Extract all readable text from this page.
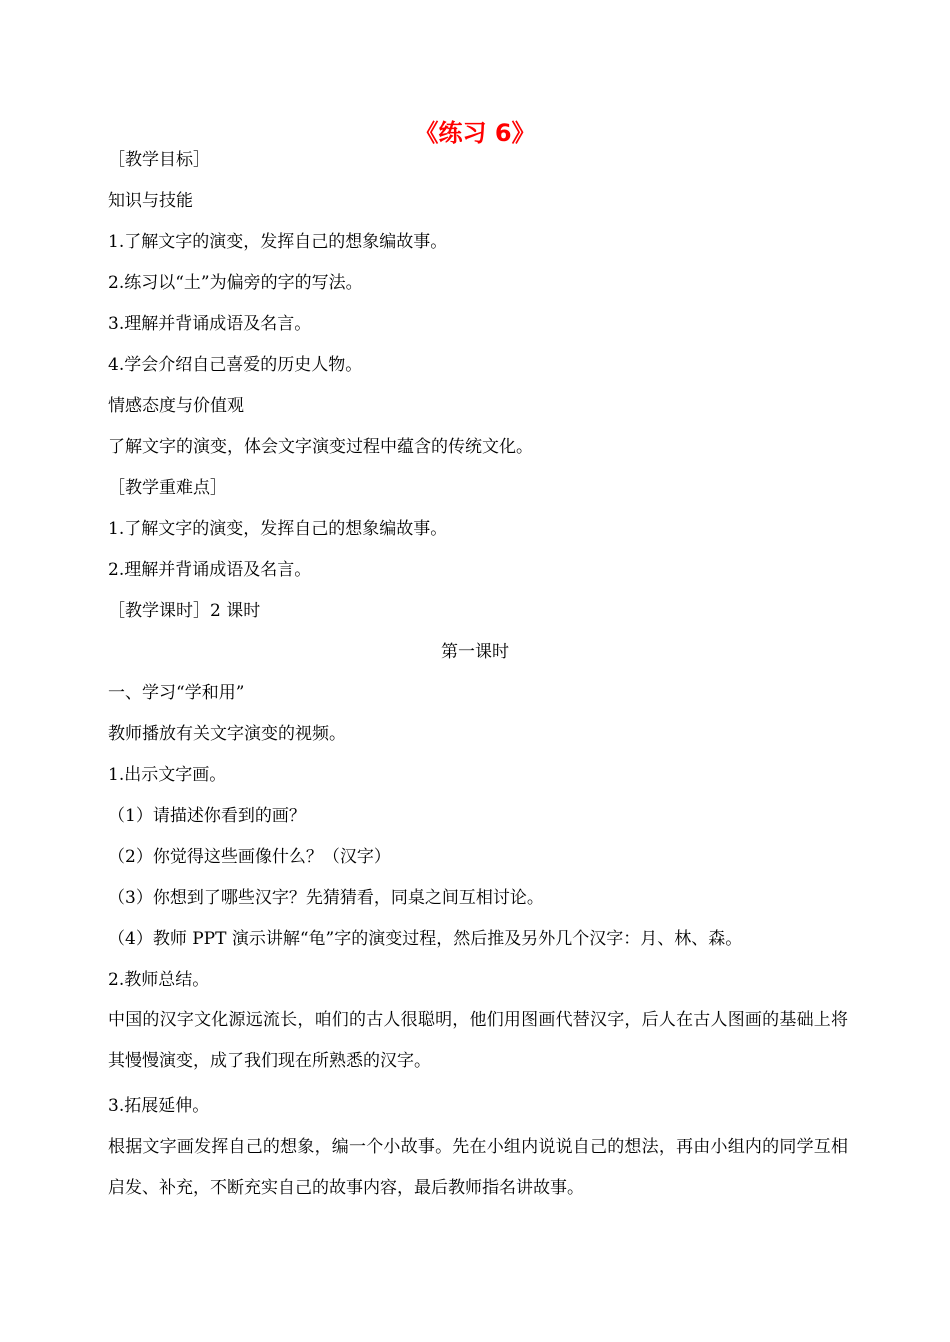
《练习 6》
［教学目标］
知识与技能
1.了解文字的演变，发挥自己的想象编故事。
2.练习以“土”为偏旁的字的写法。
3.理解并背诵成语及名言。
4.学会介绍自己喜爱的历史人物。
情感态度与价值观
了解文字的演变，体会文字演变过程中蕴含的传统文化。
［教学重难点］
1.了解文字的演变，发挥自己的想象编故事。
2.理解并背诵成语及名言。
［教学课时］2 课时
第一课时
一、学习“学和用”
教师播放有关文字演变的视频。
1.出示文字画。
（1）请描述你看到的画？
（2）你觉得这些画像什么？（汉字）
（3）你想到了哪些汉字？先猜猜看，同桌之间互相讨论。
（4）教师 PPT 演示讲解“龟”字的演变过程，然后推及另外几个汉字：月、林、森。
2.教师总结。
中国的汉字文化源远流长，咱们的古人很聪明，他们用图画代替汉字，后人在古人图画的基础上将其慢慢演变，成了我们现在所熟悉的汉字。
3.拓展延伸。
根据文字画发挥自己的想象，编一个小故事。先在小组内说说自己的想法，再由小组内的同学互相启发、补充，不断充实自己的故事内容，最后教师指名讲故事。
